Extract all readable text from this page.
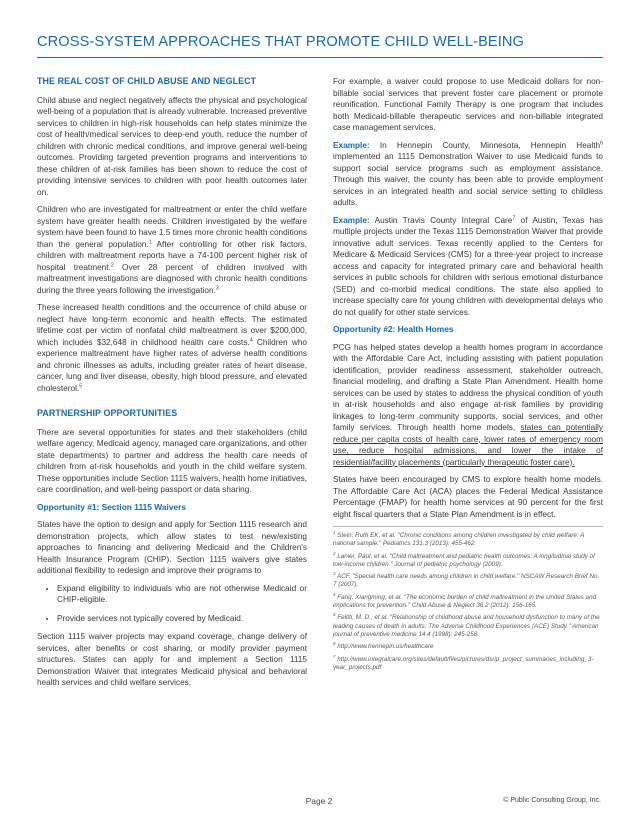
CROSS-SYSTEM APPROACHES THAT PROMOTE CHILD WELL-BEING
THE REAL COST OF CHILD ABUSE AND NEGLECT

Child abuse and neglect negatively affects the physical and psychological well-being of a population that is already vulnerable. Increased preventive services to children in high-risk households can help states minimize the cost of health/medical services to deep-end youth, reduce the number of children with chronic medical conditions, and improve general well-being outcomes. Providing targeted prevention programs and interventions to these children of at-risk families has been shown to reduce the cost of providing intensive services to children with poor health outcomes later on.

Children who are investigated for maltreatment or enter the child welfare system have greater health needs. Children investigated by the welfare system have been found to have 1.5 times more chronic health conditions than the general population.$^1$ After controlling for other risk factors, children with maltreatment reports have a 74-100 percent higher risk of hospital treatment.$^2$ Over 28 percent of children involved with maltreatment investigations are diagnosed with chronic health conditions during the three years following the investigation.$^3$

These increased health conditions and the occurrence of child abuse or neglect have long-term economic and health effects. The estimated lifetime cost per victim of nonfatal child maltreatment is over $200,000, which includes $32,648 in childhood health care costs.$^4$ Children who experience maltreatment have higher rates of adverse health conditions and chronic illnesses as adults, including greater rates of heart disease, cancer, lung and liver disease, obesity, high blood pressure, and elevated cholesterol.$^5$

PARTNERSHIP OPPORTUNITIES

There are several opportunities for states and their stakeholders (child welfare agency, Medicaid agency, managed care organizations, and other state departments) to partner and address the health care needs of children from at-risk households and youth in the child welfare system. These opportunities include Section 1115 waivers, health home initiatives, care coordination, and well-being passport or data sharing.

Opportunity #1: Section 1115 Waivers

States have the option to design and apply for Section 1115 research and demonstration projects, which allow states to test new/existing approaches to financing and delivering Medicaid and the Children's Health Insurance Program (CHIP). Section 1115 waivers give states additional flexibility to redesign and improve their programs to

• Expand eligibility to individuals who are not otherwise Medicaid or CHIP-eligible.
• Provide services not typically covered by Medicaid.

Section 1115 waiver projects may expand coverage, change delivery of services, alter benefits or cost sharing, or modify provider payment structures. States can apply for and implement a Section 1115 Demonstration Waiver that integrates Medicaid physical and behavioral health services and child welfare services.

For example, a waiver could propose to use Medicaid dollars for non-billable social services that prevent foster care placement or promote reunification. Functional Family Therapy is one program that includes both Medicaid-billable therapeutic services and non-billable integrated case management services.

Example: In Hennepin County, Minnesota, Hennepin Health$^6$ implemented an 1115 Demonstration Waiver to use Medicaid funds to support social service programs such as employment assistance. Through this waiver, the county has been able to provide employment services in an integrated health and social service setting to childless adults.

Example: Austin Travis County Integral Care$^7$ of Austin, Texas has multiple projects under the Texas 1115 Demonstration Waiver that provide innovative adult services. Texas recently applied to the Centers for Medicare & Medicaid Services (CMS) for a three-year project to increase access and capacity for integrated primary care and behavioral health services in public schools for children with serious emotional disturbance (SED) and co-morbid medical conditions. The state also applied to increase specialty care for young children with developmental delays who do not qualify for other state services.

Opportunity #2: Health Homes

PCG has helped states develop a health homes program in accordance with the Affordable Care Act, including assisting with patient population identification, provider readiness assessment, stakeholder outreach, financial modeling, and drafting a State Plan Amendment. Health home services can be used by states to address the physical condition of youth in at-risk households and also engage at-risk families by providing linkages to long-term community supports, social services, and other family services. Through health home models, states can potentially reduce per capita costs of health care, lower rates of emergency room use, reduce hospital admissions, and lower the intake of residential/facility placements (particularly therapeutic foster care).

States have been encouraged by CMS to explore health home models. The Affordable Care Act (ACA) places the Federal Medical Assistance Percentage (FMAP) for health home services at 90 percent for the first eight fiscal quarters that a State Plan Amendment is in effect.

$^1$ Stein, Ruth EK, et al. "Chronic conditions among children investigated by child welfare: A national sample." Pediatrics 131.3 (2013): 455-462.

$^2$ Lanier, Paul, et al. "Child maltreatment and pediatric health outcomes: A longitudinal study of low-income children." Journal of pediatric psychology (2009).

$^3$ ACF. "Special health care needs among children in child welfare." NSCAW Research Brief No. 7 (2007).

$^4$ Fang, Xiangming, et al. "The economic burden of child maltreatment in the United States and implications for prevention." Child Abuse & Neglect 36.2 (2012): 156-165.

$^5$ Felitti, M. D., et al. "Relationship of childhood abuse and household dysfunction to many of the leading causes of death in adults: The Adverse Childhood Experiences (ACE) Study." American journal of preventive medicine 14.4 (1998): 245-258.

$^6$ http://www.hennepin.us/healthcare

$^7$ http://www.integralcare.org/sites/default/files/pictures/dsrip_project_summaries_including_3-year_projects.pdf

Page 2	© Public Consulting Group, Inc.
